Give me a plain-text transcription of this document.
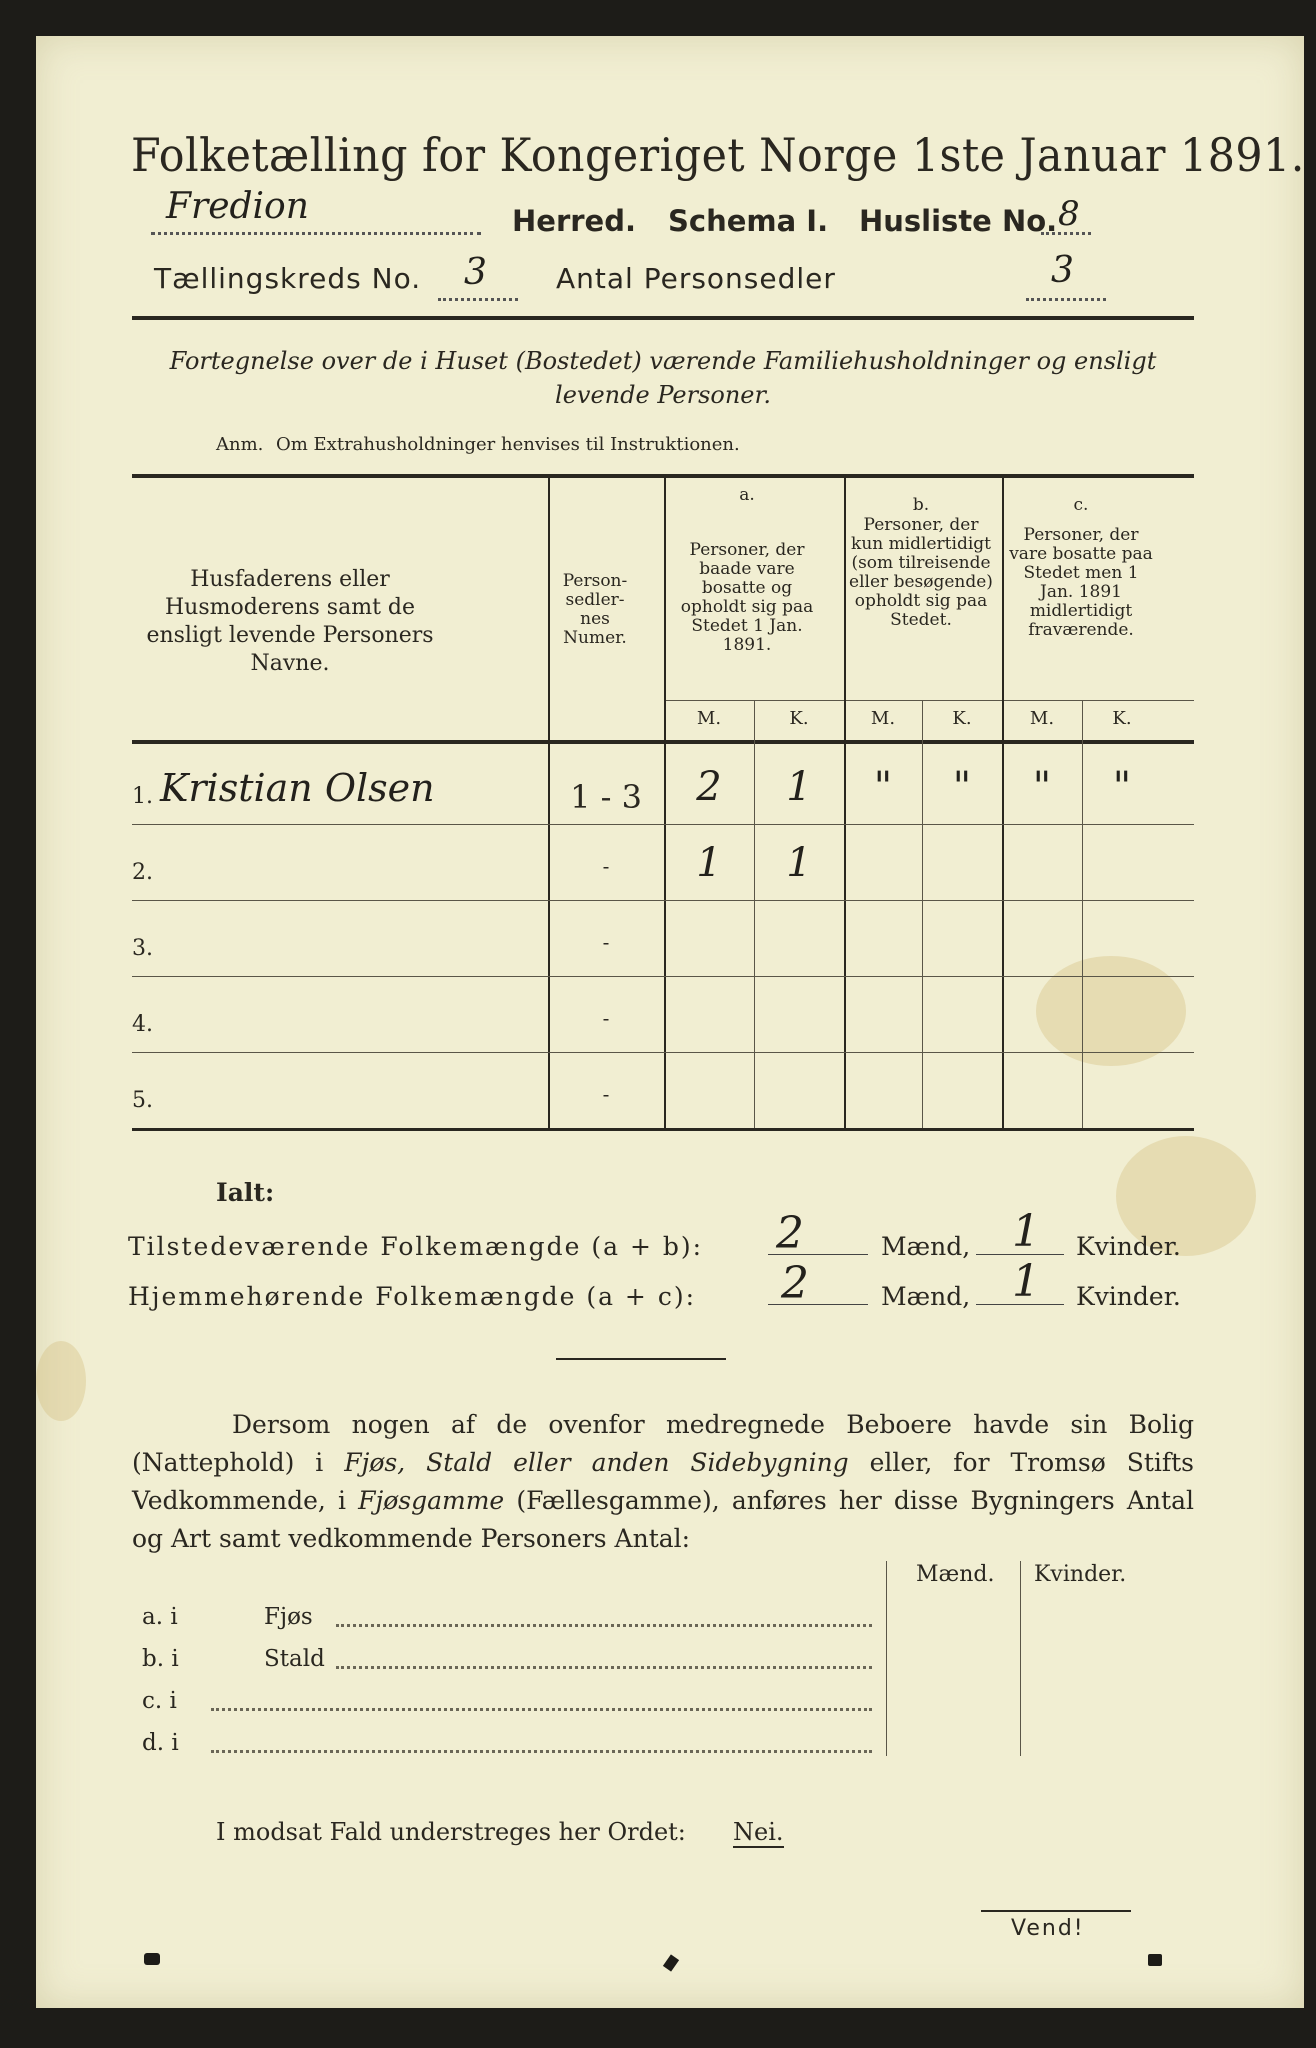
Folketælling for Kongeriget Norge 1ste Januar 1891.
Fredion	Herred. Schema I. Husliste No. 8
Tællingskreds No. 3 Antal Personsedler	3
Fortegnelse over de i Huset (Bostedet) værende Familiehusholdninger og ensligt levende Personer.
Anm. Om Extrahusholdninger henvises til Instruktionen.
Husfaderens eller Husmoderens samt de ensligt levende Personers Navne.
Person-sedler-nes Numer.
a.
Personer, der baade vare bosatte og opholdt sig paa Stedet 1 Jan. 1891.
b.
Personer, der kun midlertidigt (som tilreisende eller besøgende) opholdt sig paa Stedet.
c.
Personer, der vare bosatte paa Stedet men 1 Jan. 1891 midlertidigt fraværende.
M.	K.	M.	K.	M.	K.
Ialt:
Tilstedeværende Folkemængde (a + b): 2	Mænd, 1 Kvinder.
Hjemmehørende Folkemængde (a + c): 2	Mænd, 1 Kvinder.
Dersom nogen af de ovenfor medregnede Beboere havde sin Bolig (Nattephold) i Fjøs, Stald eller anden Sidebygning eller, for Tromsø Stifts Vedkommende, i Fjøsgamme (Fællesgamme), anføres her disse Bygningers Antal og Art samt vedkommende Personers Antal:
Mænd. Kvinder.
I modsat Fald understreges her Ordet: Nei.
Vend!
1. Kristian Olsen	1 - 3	2	1	"	"	"	"
2.	-	1	1
3.	-
4.	-
5.	-
a. i	Fjøs
b. i	Stald
c. i
d. i
